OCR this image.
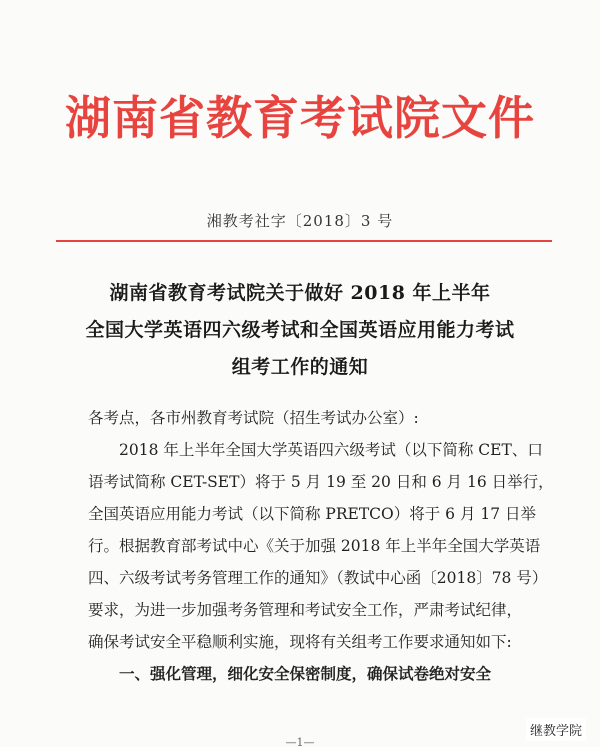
湖南省教育考试院文件
湘教考社字〔2018〕3 号
湖南省教育考试院关于做好 2018 年上半年
全国大学英语四六级考试和全国英语应用能力考试
组考工作的通知
各考点，各市州教育考试院（招生考试办公室）:
2018 年上半年全国大学英语四六级考试（以下简称 CET、口
语考试简称 CET-SET）将于 5 月 19 至 20 日和 6 月 16 日举行，
全国英语应用能力考试（以下简称 PRETCO）将于 6 月 17 日举
行。根据教育部考试中心《关于加强 2018 年上半年全国大学英语
四、六级考试考务管理工作的通知》（教试中心函〔2018〕78 号）
要求，为进一步加强考务管理和考试安全工作，严肃考试纪律，
确保考试安全平稳顺利实施，现将有关组考工作要求通知如下:
一、强化管理，细化安全保密制度，确保试卷绝对安全
—1—
继教学院
